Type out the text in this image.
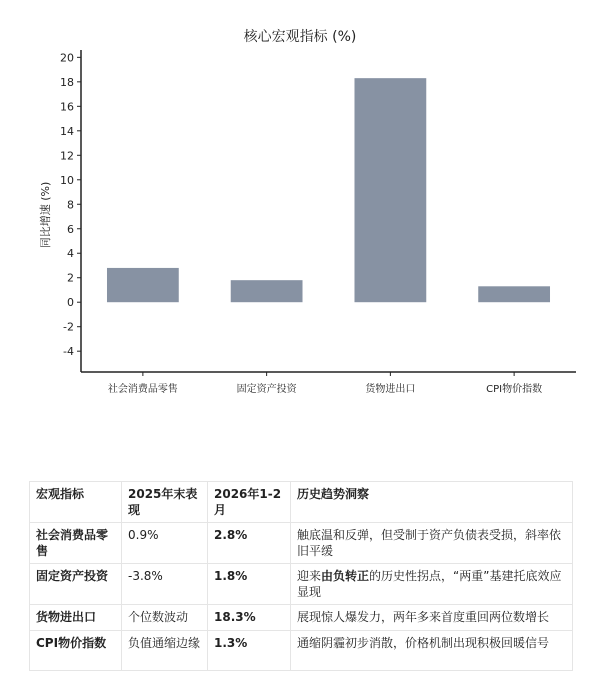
核心宏观指标 (%)
同比增速 (%)
-4
-2
0
2
4
6
8
10
12
14
16
18
20
社会消费品零售	固定资产投资	货物进出口	CPI物价指数
宏观指标	2025年末表现	2026年1-2月	历史趋势洞察
社会消费品零售	0.9%	2.8%	触底温和反弹，但受制于资产负债表受损，斜率依旧平缓
固定资产投资	-3.8%	1.8%	迎来由负转正的历史性拐点，“两重”基建托底效应显现
货物进出口	个位数波动	18.3%	展现惊人爆发力，两年多来首度重回两位数增长
CPI物价指数	负值通缩边缘	1.3%	通缩阴霾初步消散，价格机制出现积极回暖信号
